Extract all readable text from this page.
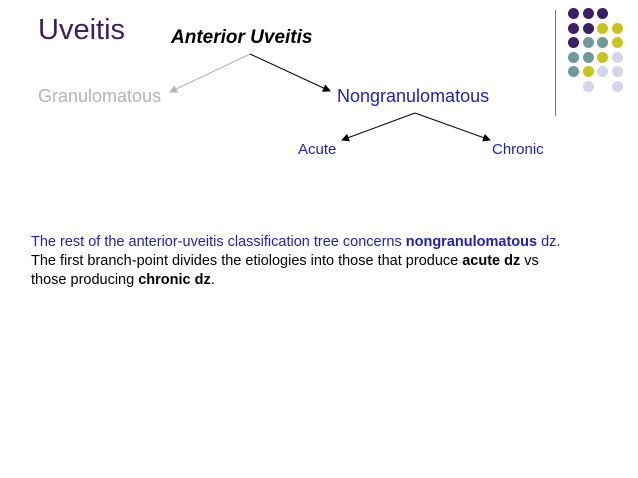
Uveitis Anterior Uveitis
Granulomatous	Nongranulomatous
Acute	Chronic
The rest of the anterior-uveitis classification tree concerns nongranulomatous dz.
The first branch-point divides the etiologies into those that produce acute dz vs
those producing chronic dz.
